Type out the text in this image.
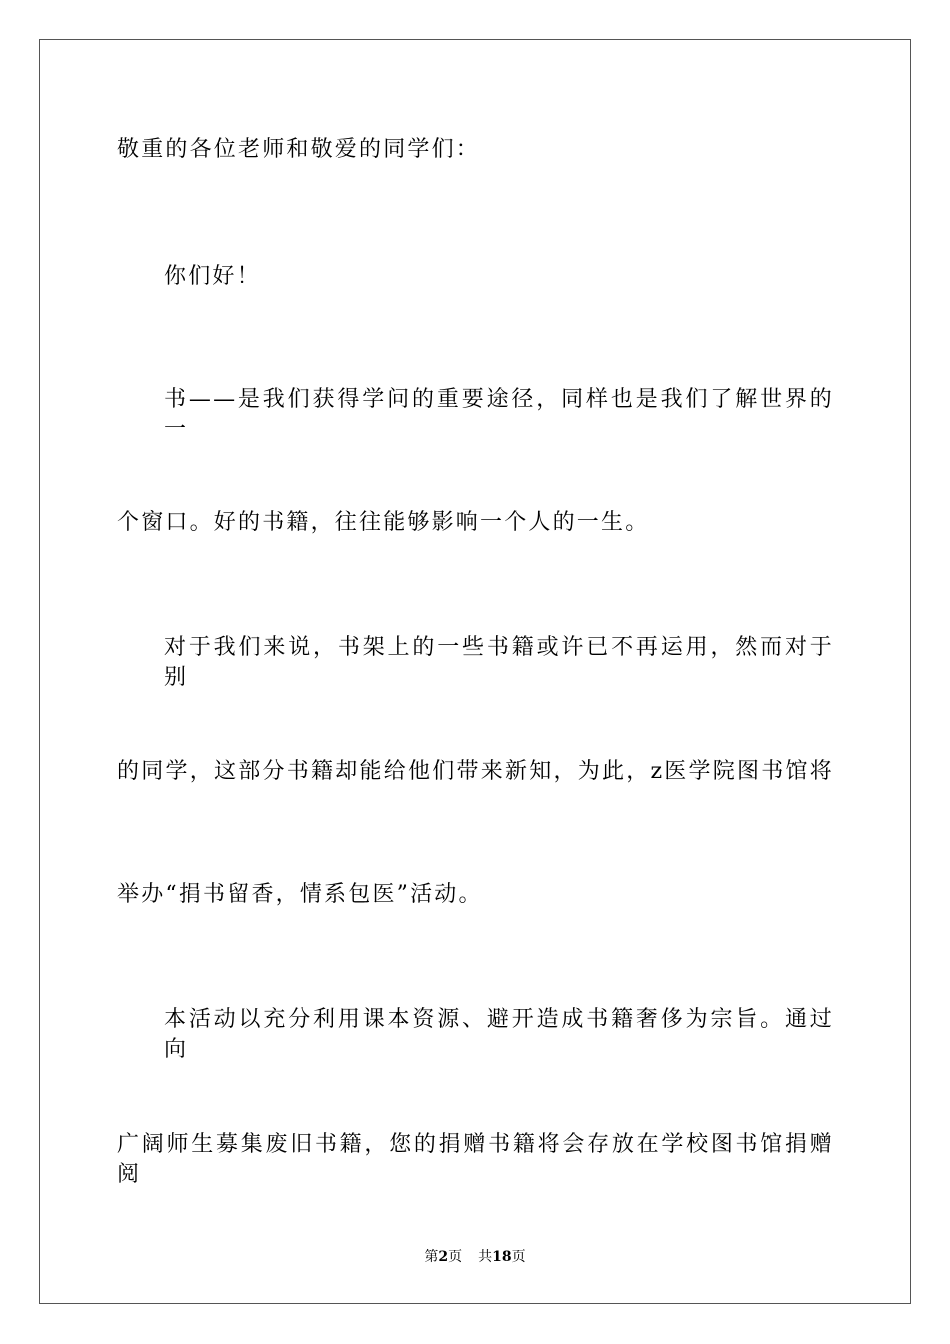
敬重的各位老师和敬爱的同学们：
你们好！
书——是我们获得学问的重要途径，同样也是我们了解世界的一
个窗口。好的书籍，往往能够影响一个人的一生。
对于我们来说，书架上的一些书籍或许已不再运用，然而对于别
的同学，这部分书籍却能给他们带来新知，为此，z医学院图书馆将
举办“捐书留香，情系包医”活动。
本活动以充分利用课本资源、避开造成书籍奢侈为宗旨。通过向
广阔师生募集废旧书籍，您的捐赠书籍将会存放在学校图书馆捐赠阅
第2页 共18页
